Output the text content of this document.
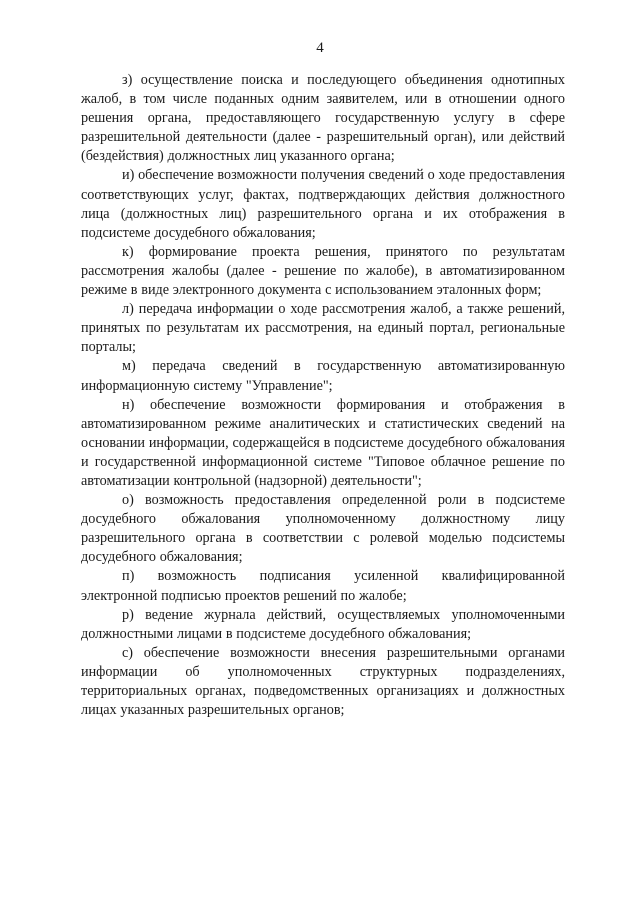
4

з) осуществление поиска и последующего объединения однотипных жалоб, в том числе поданных одним заявителем, или в отношении одного решения органа, предоставляющего государственную услугу в сфере разрешительной деятельности (далее - разрешительный орган), или действий (бездействия) должностных лиц указанного органа;

и) обеспечение возможности получения сведений о ходе предоставления соответствующих услуг, фактах, подтверждающих действия должностного лица (должностных лиц) разрешительного органа и их отображения в подсистеме досудебного обжалования;

к) формирование проекта решения, принятого по результатам рассмотрения жалобы (далее - решение по жалобе), в автоматизированном режиме в виде электронного документа с использованием эталонных форм;

л) передача информации о ходе рассмотрения жалоб, а также решений, принятых по результатам их рассмотрения, на единый портал, региональные порталы;

м) передача сведений в государственную автоматизированную информационную систему "Управление";

н) обеспечение возможности формирования и отображения в автоматизированном режиме аналитических и статистических сведений на основании информации, содержащейся в подсистеме досудебного обжалования и государственной информационной системе "Типовое облачное решение по автоматизации контрольной (надзорной) деятельности";

о) возможность предоставления определенной роли в подсистеме досудебного обжалования уполномоченному должностному лицу разрешительного органа в соответствии с ролевой моделью подсистемы досудебного обжалования;

п) возможность подписания усиленной квалифицированной электронной подписью проектов решений по жалобе;

р) ведение журнала действий, осуществляемых уполномоченными должностными лицами в подсистеме досудебного обжалования;

с) обеспечение возможности внесения разрешительными органами информации об уполномоченных структурных подразделениях, территориальных органах, подведомственных организациях и должностных лицах указанных разрешительных органов;
